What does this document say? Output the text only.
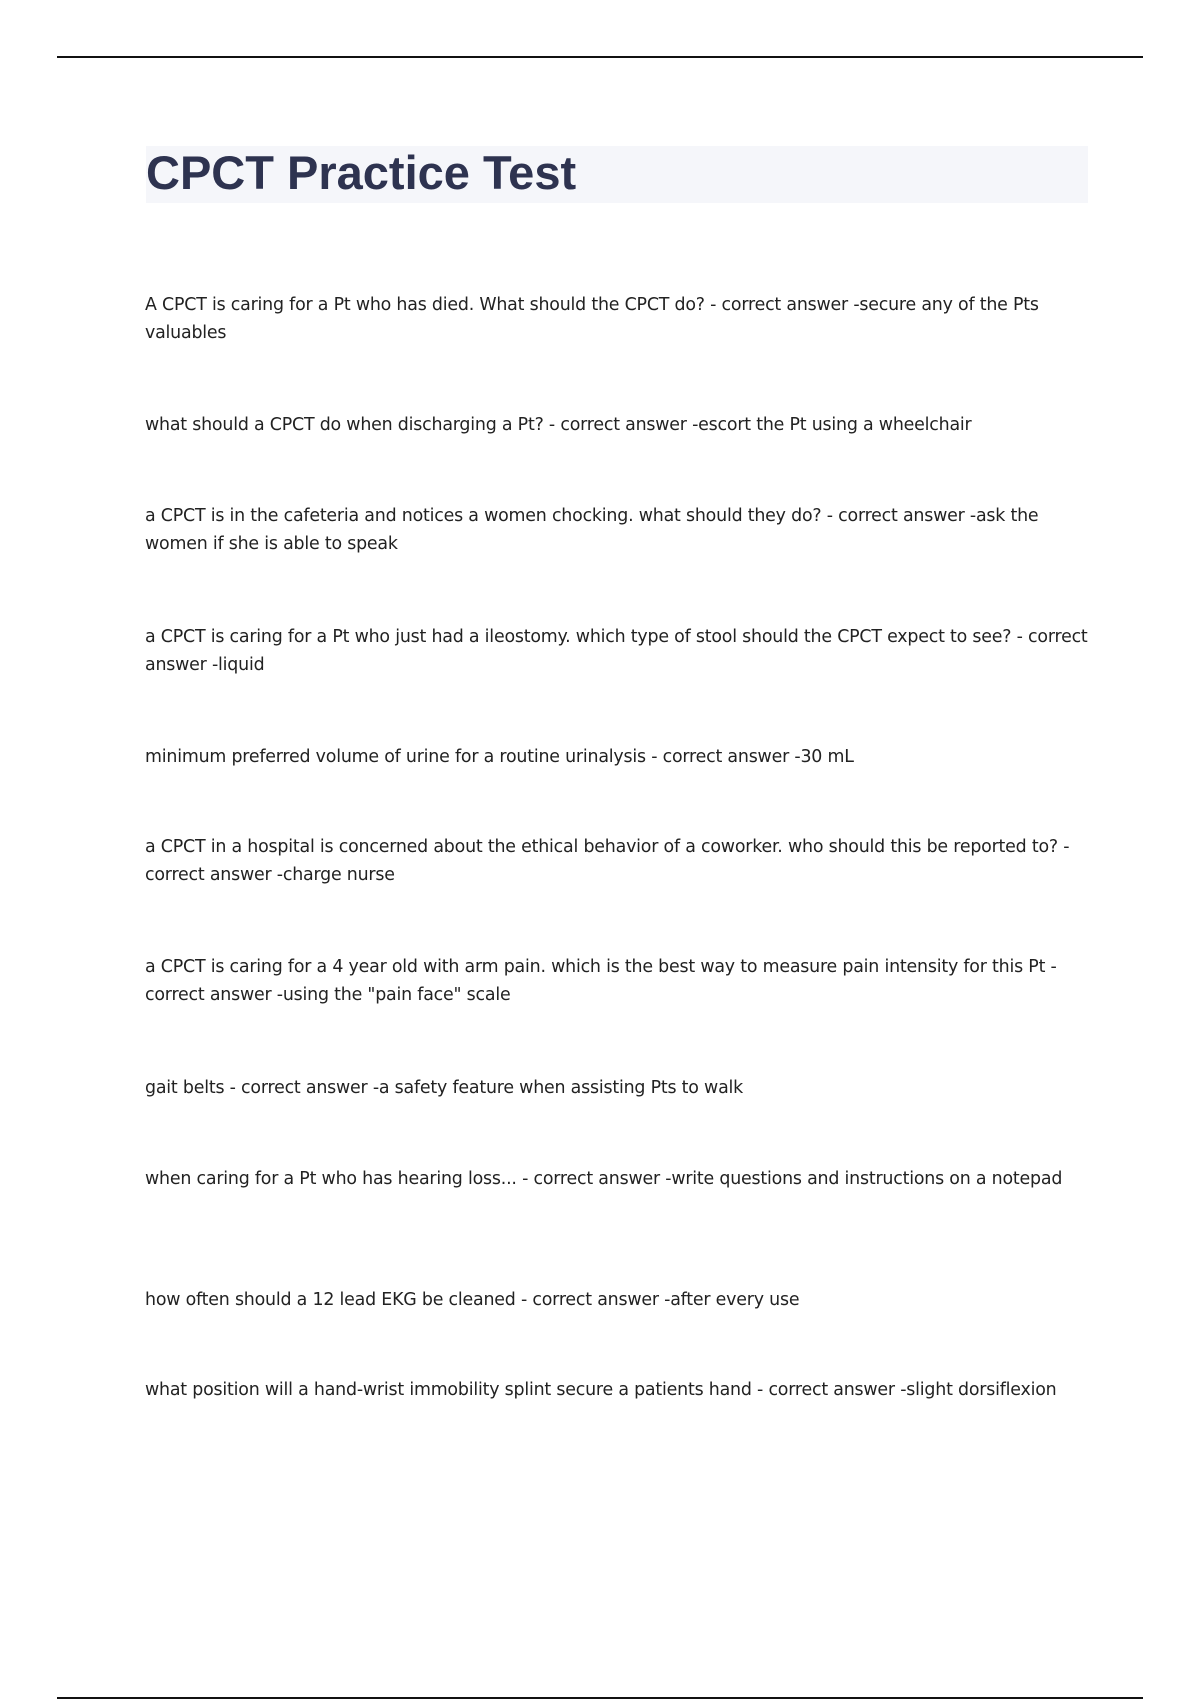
CPCT Practice Test

A CPCT is caring for a Pt who has died. What should the CPCT do? - correct answer -secure any of the Pts valuables

what should a CPCT do when discharging a Pt? - correct answer -escort the Pt using a wheelchair

a CPCT is in the cafeteria and notices a women chocking. what should they do? - correct answer -ask the women if she is able to speak

a CPCT is caring for a Pt who just had a ileostomy. which type of stool should the CPCT expect to see? - correct answer -liquid

minimum preferred volume of urine for a routine urinalysis - correct answer -30 mL

a CPCT in a hospital is concerned about the ethical behavior of a coworker. who should this be reported to? - correct answer -charge nurse

a CPCT is caring for a 4 year old with arm pain. which is the best way to measure pain intensity for this Pt - correct answer -using the "pain face" scale

gait belts - correct answer -a safety feature when assisting Pts to walk

when caring for a Pt who has hearing loss... - correct answer -write questions and instructions on a notepad

how often should a 12 lead EKG be cleaned - correct answer -after every use

what position will a hand-wrist immobility splint secure a patients hand - correct answer -slight dorsiflexion
